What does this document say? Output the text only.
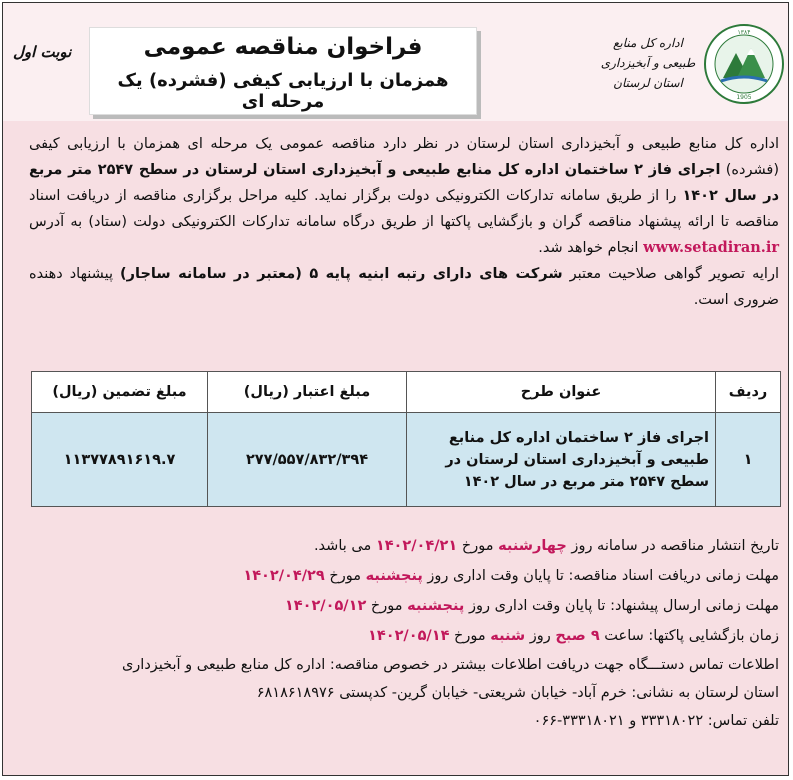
نوبت اول	فراخوان مناقصه عمومی
همزمان با ارزیابی کیفی (فشرده) یک مرحله ای
اداره کل منابع طبیعی و آبخیزداری
استان لرستان
۱۳۸۴
1905

اداره کل منابع طبیعی و آبخیزداری استان لرستان در نظر دارد مناقصه عمومی یک مرحله ای همزمان با ارزیابی کیفی (فشرده) اجرای فاز ۲ ساختمان اداره کل منابع طبیعی و آبخیزداری استان لرستان در سطح ۲۵۴۷ متر مربع در سال ۱۴۰۲ را از طریق سامانه تدارکات الکترونیکی دولت برگزار نماید. کلیه مراحل برگزاری مناقصه از دریافت اسناد مناقصه تا ارائه پیشنهاد مناقصه گران و بازگشایی پاکتها از طریق درگاه سامانه تدارکات الکترونیکی دولت (ستاد) به آدرس www.setadiran.ir انجام خواهد شد.

ارایه تصویر گواهی صلاحیت معتبر شرکت های دارای رتبه ابنیه پایه ۵ (معتبر در سامانه ساجار) پیشنهاد دهنده ضروری است.

ردیف	عنوان طرح	مبلغ اعتبار (ریال)	مبلغ تضمین (ریال)
۱	اجرای فاز ۲ ساختمان اداره کل منابع طبیعی و آبخیزداری استان لرستان در سطح ۲۵۴۷ متر مربع در سال ۱۴۰۲	۲۷۷/۵۵۷/۸۳۲/۳۹۴	۱۱۳۷۷۸۹۱۶۱۹.۷

تاریخ انتشار مناقصه در سامانه روز چهارشنبه مورخ ۱۴۰۲/۰۴/۲۱ می باشد.

مهلت زمانی دریافت اسناد مناقصه: تا پایان وقت اداری روز پنجشنبه مورخ ۱۴۰۲/۰۴/۲۹

مهلت زمانی ارسال پیشنهاد: تا پایان وقت اداری روز پنجشنبه مورخ ۱۴۰۲/۰۵/۱۲

زمان بازگشایی پاکتها: ساعت ۹ صبح روز شنبه مورخ ۱۴۰۲/۰۵/۱۴

اطلاعات تماس دستـــگاه جهت دریافت اطلاعات بیشتر در خصوص مناقصه: اداره کل منابع طبیعی و آبخیزداری
استان لرستان به نشانی: خرم آباد- خیابان شریعتی- خیابان گرین- کدپستی ۶۸۱۸۶۱۸۹۷۶
تلفن تماس: ۳۳۳۱۸۰۲۲ و ۳۳۳۱۸۰۲۱-۰۶۶
